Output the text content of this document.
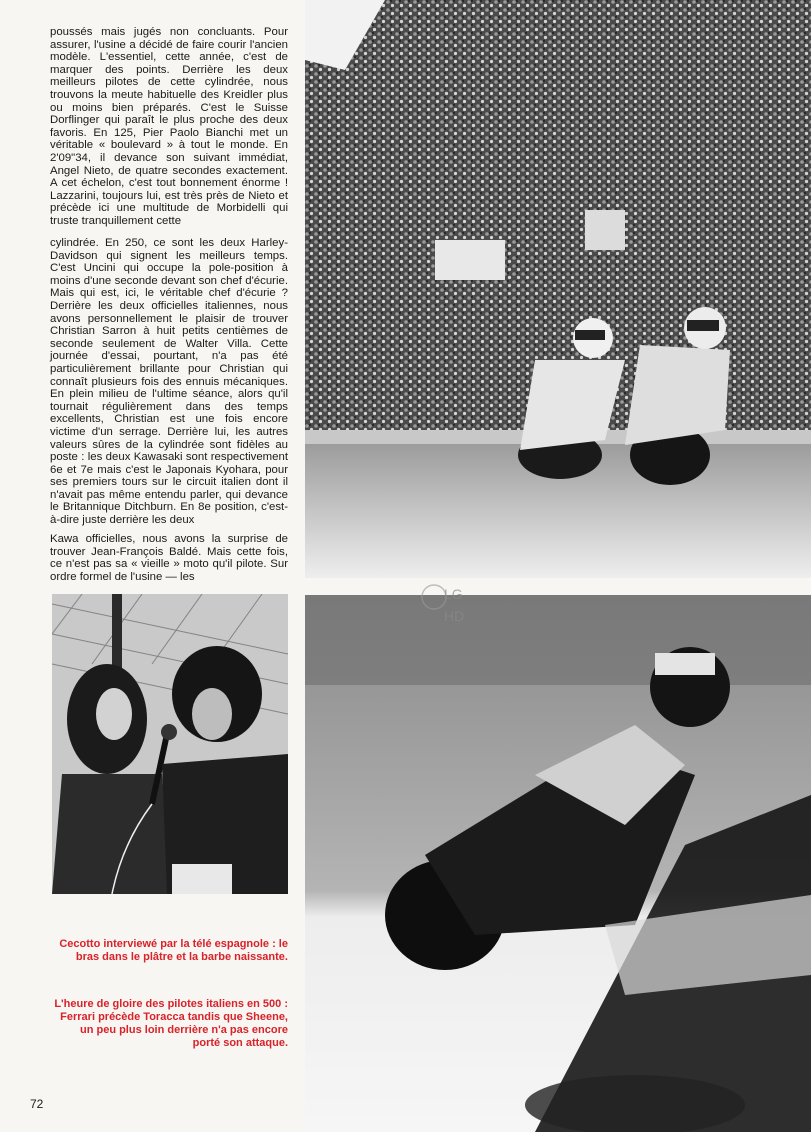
poussés mais jugés non concluants. Pour assurer, l'usine a décidé de faire courir l'ancien modèle. L'essentiel, cette année, c'est de marquer des points. Derrière les deux meilleurs pilotes de cette cylindrée, nous trouvons la meute habituelle des Kreidler plus ou moins bien préparés. C'est le Suisse Dorflinger qui paraît le plus proche des deux favoris. En 125, Pier Paolo Bianchi met un véritable « boulevard » à tout le monde. En 2'09"34, il devance son suivant immédiat, Angel Nieto, de quatre secondes exactement. A cet échelon, c'est tout bonnement énorme ! Lazzarini, toujours lui, est très près de Nieto et précède ici une multitude de Morbidelli qui truste tranquillement cette

cylindrée. En 250, ce sont les deux Harley-Davidson qui signent les meilleurs temps. C'est Uncini qui occupe la pole-position à moins d'une seconde devant son chef d'écurie. Mais qui est, ici, le véritable chef d'écurie ? Derrière les deux officielles italiennes, nous avons personnellement le plaisir de trouver Christian Sarron à huit petits centièmes de seconde seulement de Walter Villa. Cette journée d'essai, pourtant, n'a pas été particulièrement brillante pour Christian qui connaît plusieurs fois des ennuis mécaniques. En plein milieu de l'ultime séance, alors qu'il tournait régulièrement dans des temps excellents, Christian est une fois encore victime d'un serrage. Derrière lui, les autres valeurs sûres de la cylindrée sont fidèles au poste : les deux Kawasaki sont respectivement 6e et 7e mais c'est le Japonais Kyohara, pour ses premiers tours sur le circuit italien dont il n'avait pas même entendu parler, qui devance le Britannique Ditchburn. En 8e position, c'est-à-dire juste derrière les deux

Kawa officielles, nous avons la surprise de trouver Jean-François Baldé. Mais cette fois, ce n'est pas sa « vieille » moto qu'il pilote. Sur ordre formel de l'usine — les

Cecotto interviewé par la télé espagnole : le bras dans le plâtre et la barbe naissante.
L'heure de gloire des pilotes italiens en 500 : Ferrari précède Toracca tandis que Sheene, un peu plus loin derrière n'a pas encore porté son attaque.
LG
HD
72
